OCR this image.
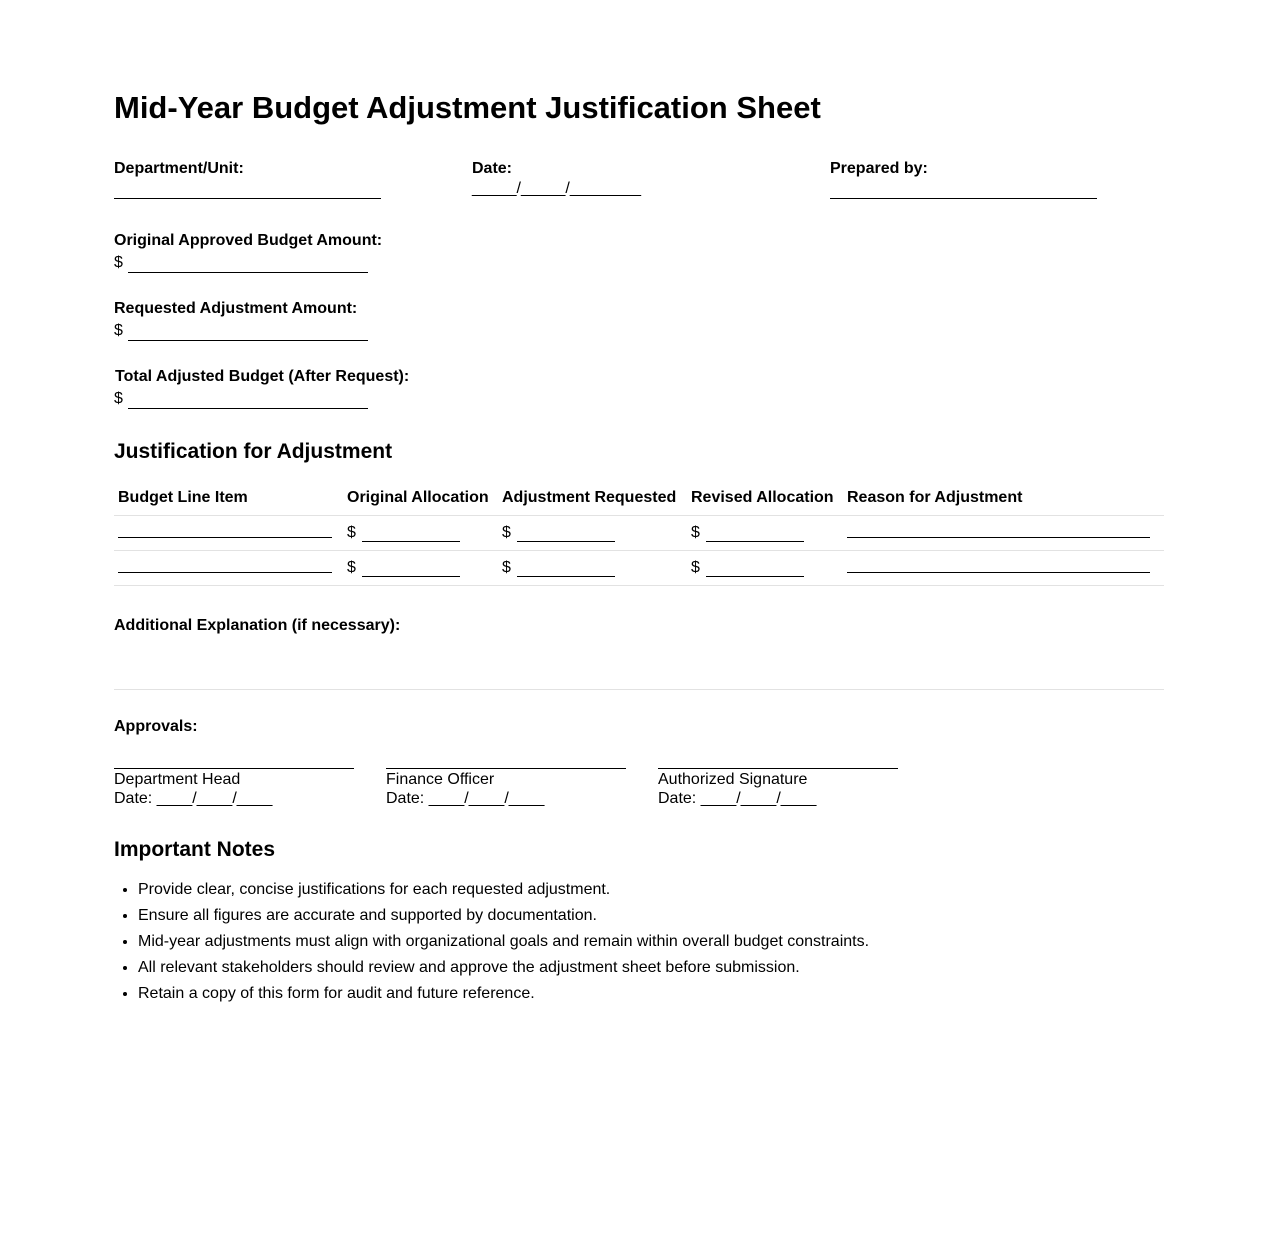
Mid-Year Budget Adjustment Justification Sheet
Department/Unit:	Date:
_____/_____/________
Prepared by:
Original Approved Budget Amount:
$
Requested Adjustment Amount:
$
Total Adjusted Budget (After Request):
$
Justification for Adjustment
Budget Line Item	Original Allocation	Adjustment Requested	Revised Allocation	Reason for Adjustment

	$	$	$	

	$	$	$	

Additional Explanation (if necessary):
Approvals:
Department Head
Date: ____/____/____
Finance Officer
Date: ____/____/____
Authorized Signature
Date: ____/____/____
Important Notes
• Provide clear, concise justifications for each requested adjustment.
• Ensure all figures are accurate and supported by documentation.
• Mid-year adjustments must align with organizational goals and remain within overall budget constraints.
• All relevant stakeholders should review and approve the adjustment sheet before submission.
• Retain a copy of this form for audit and future reference.
